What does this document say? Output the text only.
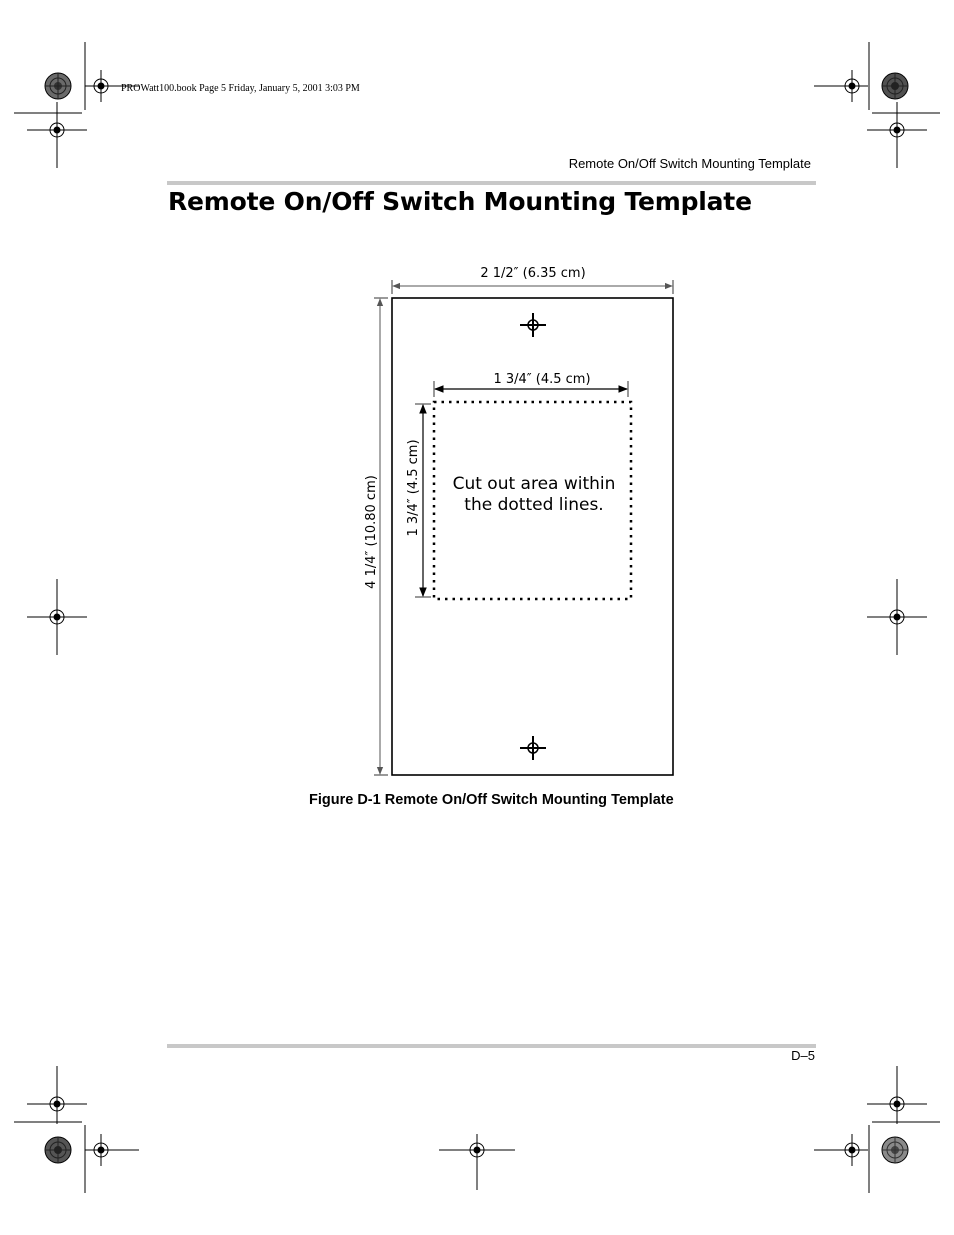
PROWatt100.book Page 5 Friday, January 5, 2001 3:03 PM
Remote On/Off Switch Mounting Template
Remote On/Off Switch Mounting Template
2 1/2″ (6.35 cm)
4 1/4″ (10.80 cm)
1 3/4″ (4.5 cm)
1 3/4″ (4.5 cm) Cut out area within
the dotted lines.
Figure D-1 Remote On/Off Switch Mounting Template
D–5
